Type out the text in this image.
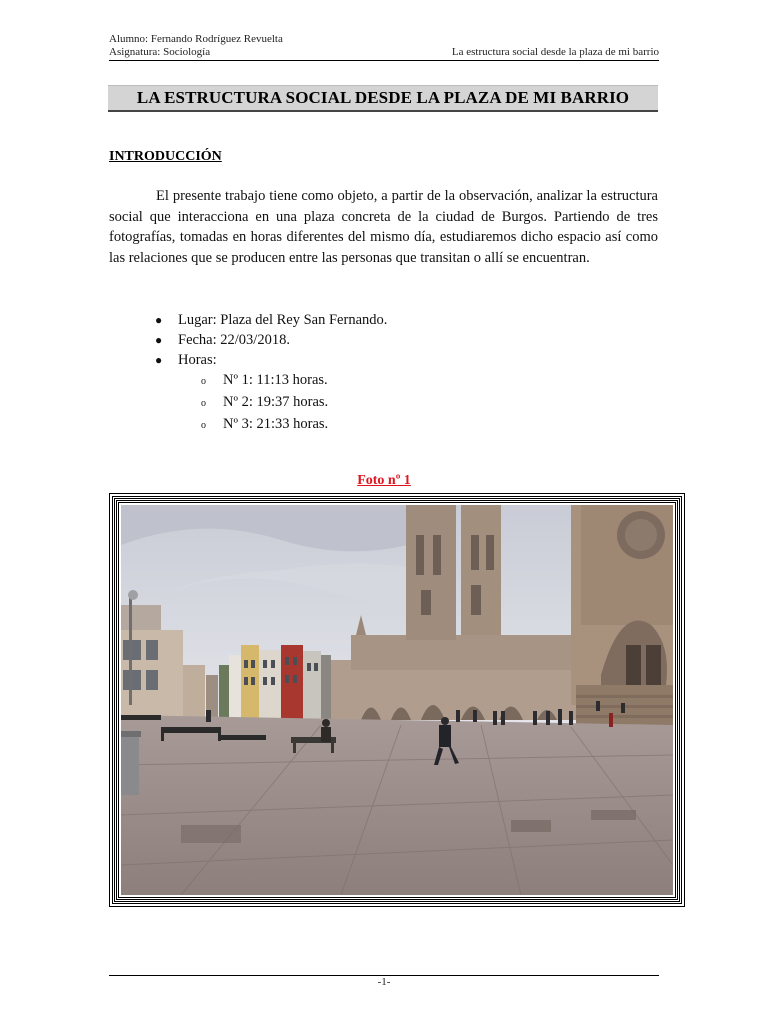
Alumno: Fernando Rodríguez Revuelta
Asignatura: Sociología	La estructura social desde la plaza de mi barrio
LA ESTRUCTURA SOCIAL DESDE LA PLAZA DE MI BARRIO
INTRODUCCIÓN
El presente trabajo tiene como objeto, a partir de la observación, analizar la estructura social que interacciona en una plaza concreta de la ciudad de Burgos. Partiendo de tres fotografías, tomadas en horas diferentes del mismo día, estudiaremos dicho espacio así como las relaciones que se producen entre las personas que transitan o allí se encuentran.
●	Lugar: Plaza del Rey San Fernando.
●	Fecha: 22/03/2018.
●	Horas:
o	Nº 1: 11:13 horas.
o	Nº 2: 19:37 horas.
o	Nº 3: 21:33 horas.
Foto nº 1
-1-
